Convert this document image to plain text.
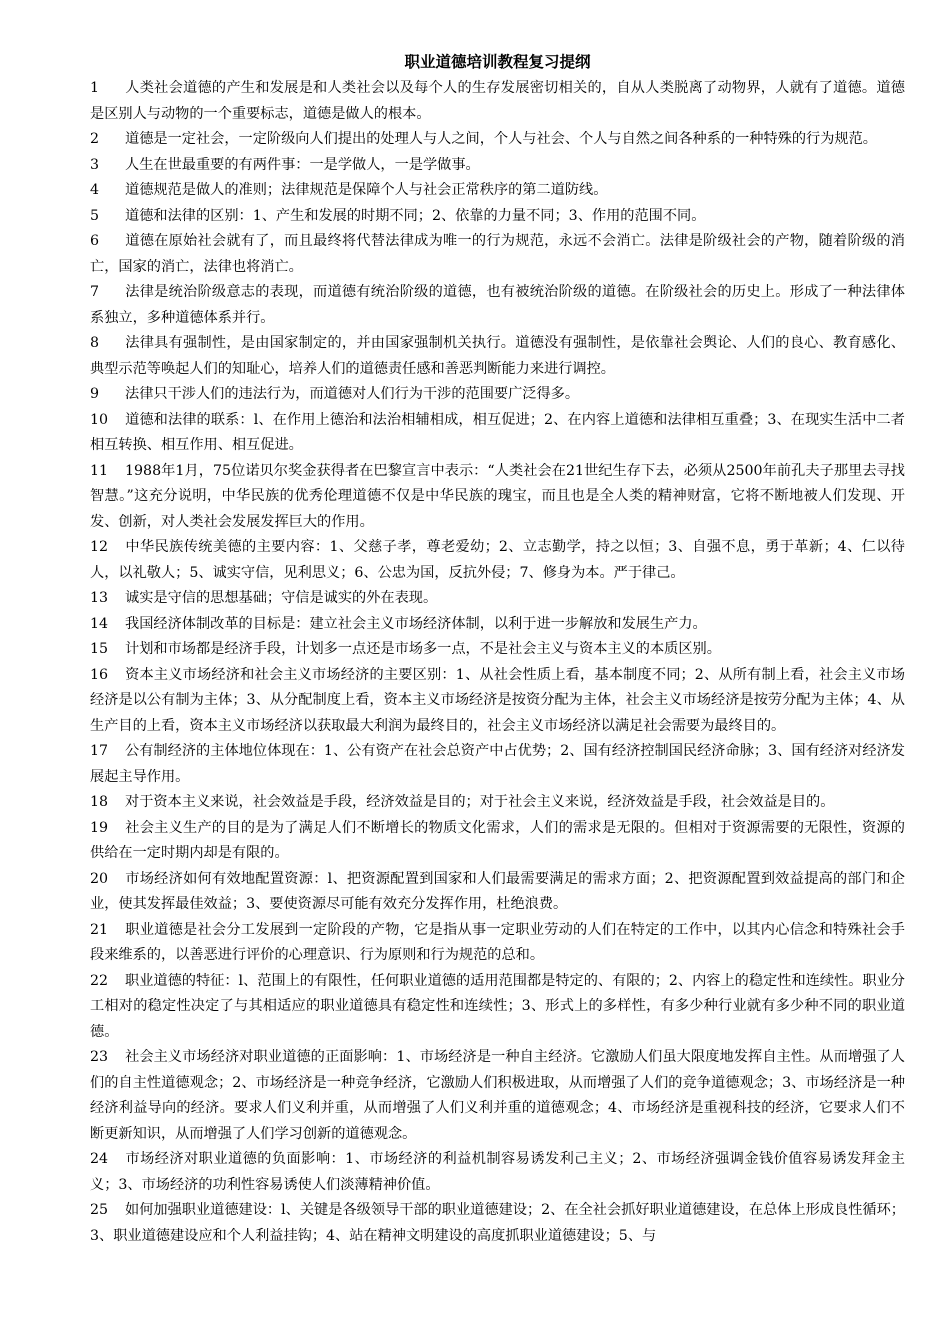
职业道德培训教程复习提纲

1 人类社会道德的产生和发展是和人类社会以及每个人的生存发展密切相关的，自从人类脱离了动物界，人就有了道德。道德是区别人与动物的一个重要标志，道德是做人的根本。

2 道德是一定社会，一定阶级向人们提出的处理人与人之间，个人与社会、个人与自然之间各种系的一种特殊的行为规范。

3 人生在世最重要的有两件事：一是学做人，一是学做事。

4 道德规范是做人的准则；法律规范是保障个人与社会正常秩序的第二道防线。

5 道德和法律的区别：1、产生和发展的时期不同；2、依靠的力量不同；3、作用的范围不同。

6 道德在原始社会就有了，而且最终将代替法律成为唯一的行为规范，永远不会消亡。法律是阶级社会的产物，随着阶级的消亡，国家的消亡，法律也将消亡。

7 法律是统治阶级意志的表现，而道德有统治阶级的道德，也有被统治阶级的道德。在阶级社会的历史上。形成了一种法律体系独立，多种道德体系并行。

8 法律具有强制性，是由国家制定的，并由国家强制机关执行。道德没有强制性，是依靠社会舆论、人们的良心、教育感化、典型示范等唤起人们的知耻心，培养人们的道德责任感和善恶判断能力来进行调控。

9 法律只干涉人们的违法行为，而道德对人们行为干涉的范围要广泛得多。

10 道德和法律的联系：l、在作用上德治和法治相辅相成，相互促进；2、在内容上道德和法律相互重叠；3、在现实生活中二者相互转换、相互作用、相互促进。

11 1988年1月，75位诺贝尔奖金获得者在巴黎宣言中表示：“人类社会在21世纪生存下去，必须从2500年前孔夫子那里去寻找智慧。”这充分说明，中华民族的优秀伦理道德不仅是中华民族的瑰宝，而且也是全人类的精神财富，它将不断地被人们发现、开发、创新，对人类社会发展发挥巨大的作用。

12 中华民族传统美德的主要内容：1、父慈子孝，尊老爱幼；2、立志勤学，持之以恒；3、自强不息，勇于革新；4、仁以待人，以礼敬人；5、诚实守信，见利思义；6、公忠为国，反抗外侵；7、修身为本。严于律己。

13 诚实是守信的思想基础；守信是诚实的外在表现。

14 我国经济体制改革的目标是：建立社会主义市场经济体制，以利于进一步解放和发展生产力。

15 计划和市场都是经济手段，计划多一点还是市场多一点，不是社会主义与资本主义的本质区别。

16 资本主义市场经济和社会主义市场经济的主要区别：1、从社会性质上看，基本制度不同；2、从所有制上看，社会主义市场经济是以公有制为主体；3、从分配制度上看，资本主义市场经济是按资分配为主体，社会主义市场经济是按劳分配为主体；4、从生产目的上看，资本主义市场经济以获取最大利润为最终目的，社会主义市场经济以满足社会需要为最终目的。

17 公有制经济的主体地位体现在：1、公有资产在社会总资产中占优势；2、国有经济控制国民经济命脉；3、国有经济对经济发展起主导作用。

18 对于资本主义来说，社会效益是手段，经济效益是目的；对于社会主义来说，经济效益是手段，社会效益是目的。

19 社会主义生产的目的是为了满足人们不断增长的物质文化需求，人们的需求是无限的。但相对于资源需要的无限性，资源的供给在一定时期内却是有限的。

20 市场经济如何有效地配置资源：l、把资源配置到国家和人们最需要满足的需求方面；2、把资源配置到效益提高的部门和企业，使其发挥最佳效益；3、要使资源尽可能有效充分发挥作用，杜绝浪费。

21 职业道德是社会分工发展到一定阶段的产物，它是指从事一定职业劳动的人们在特定的工作中，以其内心信念和特殊社会手段来维系的，以善恶进行评价的心理意识、行为原则和行为规范的总和。

22 职业道德的特征：l、范围上的有限性，任何职业道德的适用范围都是特定的、有限的；2、内容上的稳定性和连续性。职业分工相对的稳定性决定了与其相适应的职业道德具有稳定性和连续性；3、形式上的多样性，有多少种行业就有多少种不同的职业道德。

23 社会主义市场经济对职业道德的正面影响：1、市场经济是一种自主经济。它激励人们虽大限度地发挥自主性。从而增强了人们的自主性道德观念；2、市场经济是一种竞争经济，它激励人们积极进取，从而增强了人们的竞争道德观念；3、市场经济是一种经济利益导向的经济。要求人们义利并重，从而增强了人们义利并重的道德观念；4、市场经济是重视科技的经济，它要求人们不断更新知识，从而增强了人们学习创新的道德观念。

24 市场经济对职业道德的负面影响：1、市场经济的利益机制容易诱发利己主义；2、市场经济强调金钱价值容易诱发拜金主义；3、市场经济的功利性容易诱使人们淡薄精神价值。

25 如何加强职业道德建设：l、关键是各级领导干部的职业道德建设；2、在全社会抓好职业道德建设，在总体上形成良性循环；3、职业道德建设应和个人利益挂钩；4、站在精神文明建设的高度抓职业道德建设；5、与
